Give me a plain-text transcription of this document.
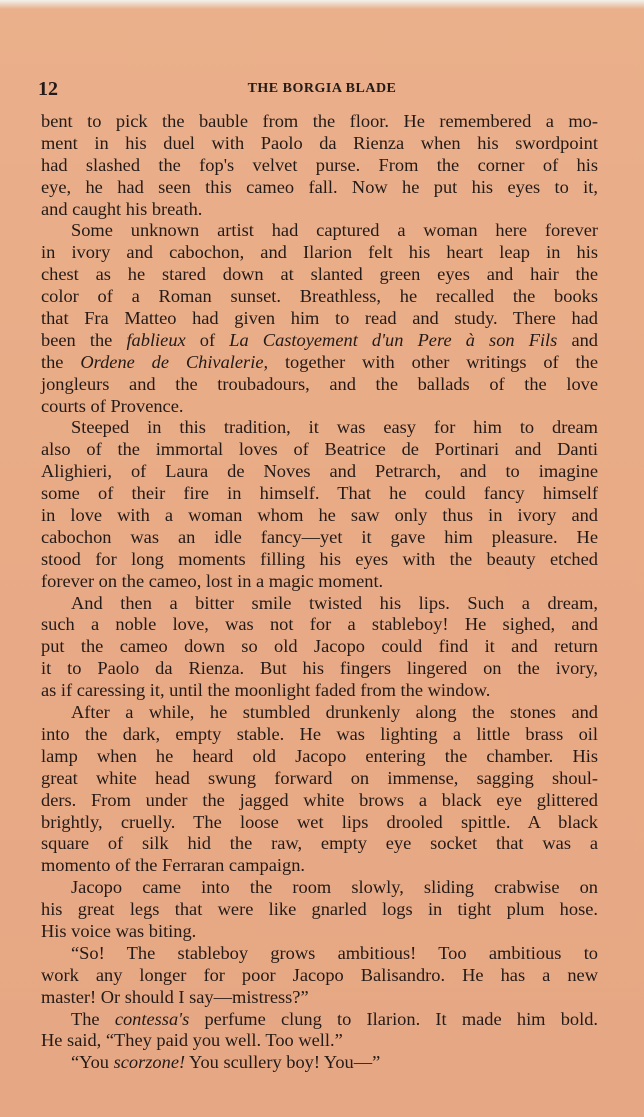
12	THE BORGIA BLADE
bent to pick the bauble from the floor. He remembered a mo-
ment in his duel with Paolo da Rienza when his swordpoint
had slashed the fop's velvet purse. From the corner of his
eye, he had seen this cameo fall. Now he put his eyes to it,
and caught his breath.
Some unknown artist had captured a woman here forever
in ivory and cabochon, and Ilarion felt his heart leap in his
chest as he stared down at slanted green eyes and hair the
color of a Roman sunset. Breathless, he recalled the books
that Fra Matteo had given him to read and study. There had
been the fablieux of La Castoyement d'un Pere à son Fils and
the Ordene de Chivalerie, together with other writings of the
jongleurs and the troubadours, and the ballads of the love
courts of Provence.
Steeped in this tradition, it was easy for him to dream
also of the immortal loves of Beatrice de Portinari and Danti
Alighieri, of Laura de Noves and Petrarch, and to imagine
some of their fire in himself. That he could fancy himself
in love with a woman whom he saw only thus in ivory and
cabochon was an idle fancy—yet it gave him pleasure. He
stood for long moments filling his eyes with the beauty etched
forever on the cameo, lost in a magic moment.
And then a bitter smile twisted his lips. Such a dream,
such a noble love, was not for a stableboy! He sighed, and
put the cameo down so old Jacopo could find it and return
it to Paolo da Rienza. But his fingers lingered on the ivory,
as if caressing it, until the moonlight faded from the window.
After a while, he stumbled drunkenly along the stones and
into the dark, empty stable. He was lighting a little brass oil
lamp when he heard old Jacopo entering the chamber. His
great white head swung forward on immense, sagging shoul-
ders. From under the jagged white brows a black eye glittered
brightly, cruelly. The loose wet lips drooled spittle. A black
square of silk hid the raw, empty eye socket that was a
momento of the Ferraran campaign.
Jacopo came into the room slowly, sliding crabwise on
his great legs that were like gnarled logs in tight plum hose.
His voice was biting.
“So! The stableboy grows ambitious! Too ambitious to
work any longer for poor Jacopo Balisandro. He has a new
master! Or should I say—mistress?”
The contessa's perfume clung to Ilarion. It made him bold.
He said, “They paid you well. Too well.”
“You scorzone! You scullery boy! You—”
